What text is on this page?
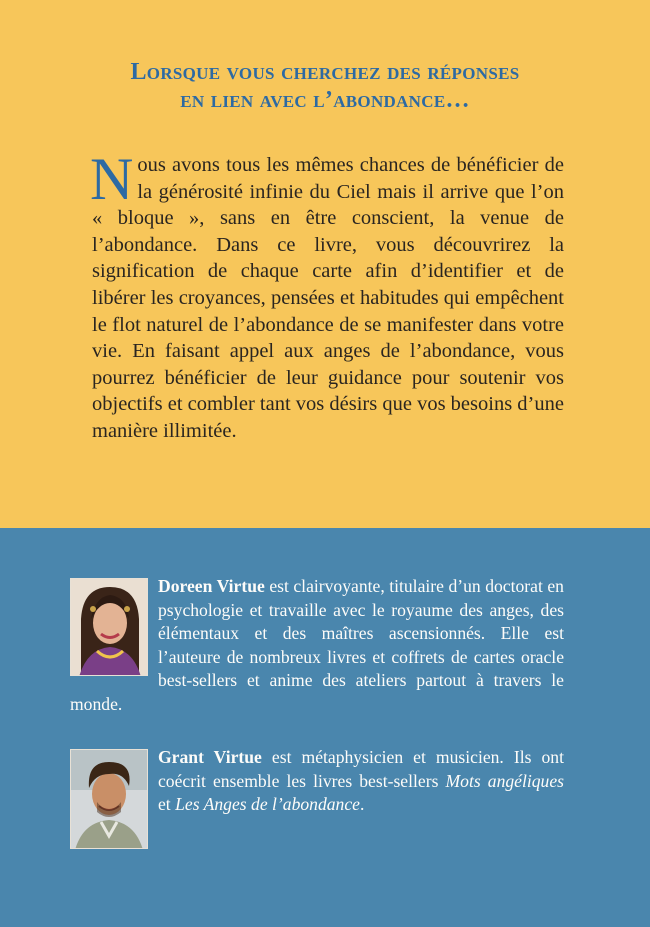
Lorsque vous cherchez des réponses
en lien avec l’abondance…
Nous avons tous les mêmes chances de bénéficier de la générosité infinie du Ciel mais il arrive que l’on « bloque », sans en être conscient, la venue de l’abondance. Dans ce livre, vous découvrirez la signification de chaque carte afin d’identifier et de libérer les croyances, pensées et habitudes qui empêchent le flot naturel de l’abondance de se manifester dans votre vie. En faisant appel aux anges de l’abondance, vous pourrez bénéficier de leur guidance pour soutenir vos objectifs et combler tant vos désirs que vos besoins d’une manière illimitée.

Doreen Virtue est clairvoyante, titulaire d’un doctorat en psychologie et travaille avec le royaume des anges, des élémentaux et des maîtres ascensionnés. Elle est l’auteure de nombreux livres et coffrets de cartes oracle best-sellers et anime des ateliers partout à travers le monde.

Grant Virtue est métaphysicien et musicien. Ils ont coécrit ensemble les livres best-sellers Mots angéliques et Les Anges de l’abondance.
